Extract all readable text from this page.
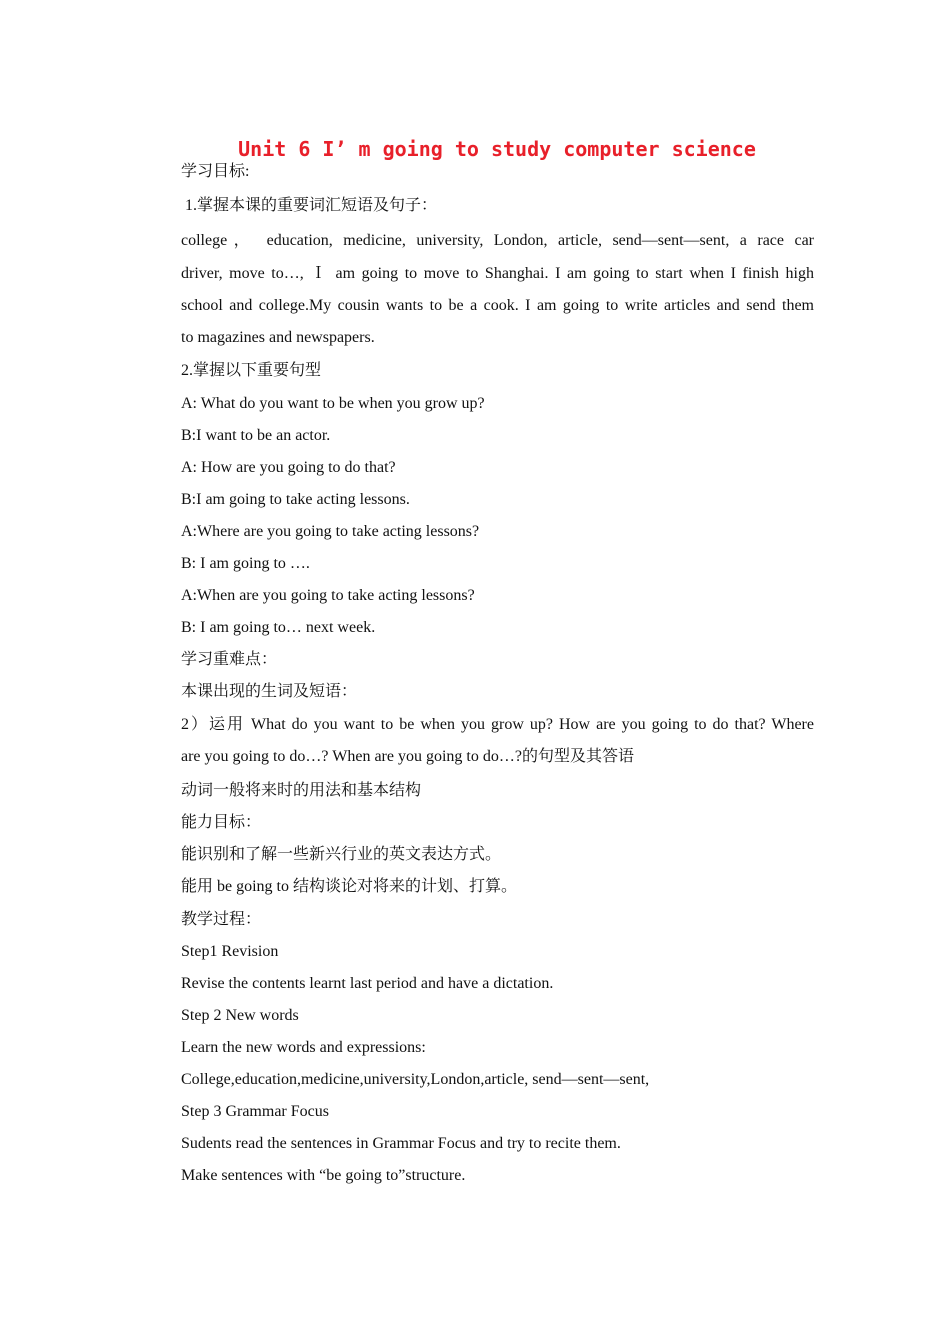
Unit 6 I’ m going to study computer science
学习目标:
1.掌握本课的重要词汇短语及句子：
college， education, medicine, university, London, article, send—sent—sent, a race car
driver, move to…, Ｉ am going to move to Shanghai. I am going to start when I finish high
school and college.My cousin wants to be a cook. I am going to write articles and send them
to magazines and newspapers.
2.掌握以下重要句型
A: What do you want to be when you grow up?
B:I want to be an actor.
A: How are you going to do that?
B:I am going to take acting lessons.
A:Where are you going to take acting lessons?
B: I am going to ….
A:When are you going to take acting lessons?
B: I am going to… next week.
学习重难点：
本课出现的生词及短语：
2）运用 What do you want to be when you grow up? How are you going to do that? Where
are you going to do…? When are you going to do…?的句型及其答语
动词一般将来时的用法和基本结构
能力目标：
能识别和了解一些新兴行业的英文表达方式。
能用 be going to 结构谈论对将来的计划、打算。
教学过程：
Step1 Revision
Revise the contents learnt last period and have a dictation.
Step 2 New words
Learn the new words and expressions:
College,education,medicine,university,London,article, send—sent—sent,
Step 3 Grammar Focus
Sudents read the sentences in Grammar Focus and try to recite them.
Make sentences with “be going to”structure.
